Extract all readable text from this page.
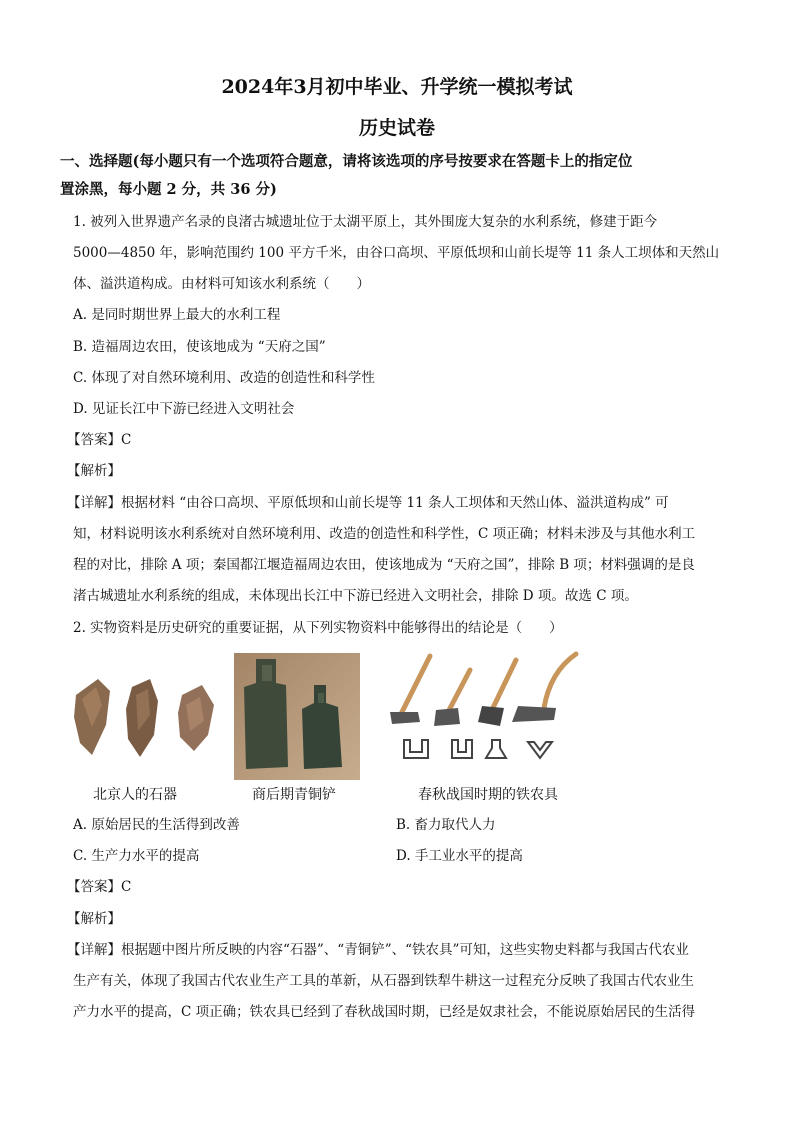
2024年3月初中毕业、升学统一模拟考试
历史试卷
一、选择题(每小题只有一个选项符合题意，请将该选项的序号按要求在答题卡上的指定位
置涂黑，每小题 2 分，共 36 分)
1. 被列入世界遗产名录的良渚古城遗址位于太湖平原上，其外围庞大复杂的水利系统，修建于距今
5000—4850 年，影响范围约 100 平方千米，由谷口高坝、平原低坝和山前长堤等 11 条人工坝体和天然山
体、溢洪道构成。由材料可知该水利系统（　　）
A. 是同时期世界上最大的水利工程
B. 造福周边农田，使该地成为 “天府之国”
C. 体现了对自然环境利用、改造的创造性和科学性
D. 见证长江中下游已经进入文明社会
【答案】C
【解析】
【详解】根据材料 “由谷口高坝、平原低坝和山前长堤等 11 条人工坝体和天然山体、溢洪道构成” 可
知，材料说明该水利系统对自然环境利用、改造的创造性和科学性，C 项正确；材料未涉及与其他水利工
程的对比，排除 A 项；秦国都江堰造福周边农田，使该地成为 “天府之国”，排除 B 项；材料强调的是良
渚古城遗址水利系统的组成，未体现出长江中下游已经进入文明社会，排除 D 项。故选 C 项。
2. 实物资料是历史研究的重要证据，从下列实物资料中能够得出的结论是（　　）
北京人的石器	商后期青铜铲	春秋战国时期的铁农具
A. 原始居民的生活得到改善	B. 畜力取代人力
C. 生产力水平的提高	D. 手工业水平的提高
【答案】C
【解析】
【详解】根据题中图片所反映的内容“石器”、“青铜铲”、“铁农具”可知，这些实物史料都与我国古代农业
生产有关，体现了我国古代农业生产工具的革新，从石器到铁犁牛耕这一过程充分反映了我国古代农业生
产力水平的提高，C 项正确；铁农具已经到了春秋战国时期，已经是奴隶社会，不能说原始居民的生活得
